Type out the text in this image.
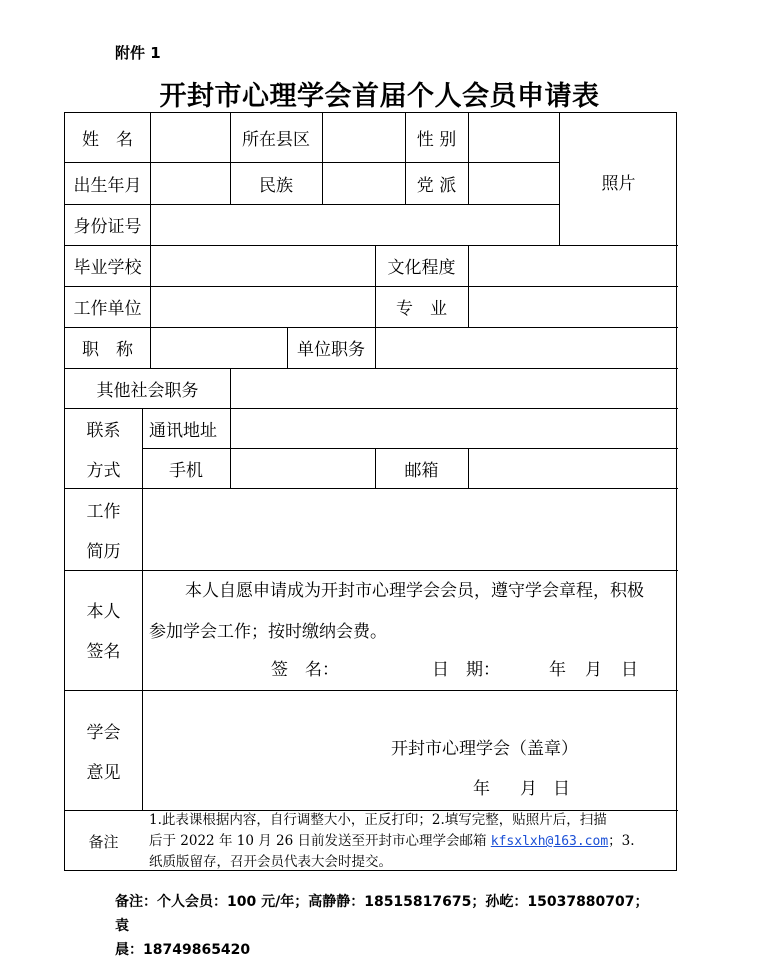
附件 1
开封市心理学会首届个人会员申请表
姓　名	所在县区	性 别
照片
出生年月	民族	党 派
身份证号
毕业学校	文化程度
工作单位	专　业
职　称	单位职务
其他社会职务
联系
方式
通讯地址
手机	邮箱
工作
简历
本人
签名
本人自愿申请成为开封市心理学会会员，遵守学会章程，积极
参加学会工作；按时缴纳会费。
签　名：	日　期：	年 月 日
学会
意见
开封市心理学会（盖章）
年 月 日
备注
1.此表课根据内容，自行调整大小，正反打印；2.填写完整，贴照片后，扫描
后于 2022 年 10 月 26 日前发送至开封市心理学会邮箱 kfsxlxh@163.com；3.
纸质版留存，召开会员代表大会时提交。
备注：个人会员：100 元/年；高静静：18515817675；孙屹：15037880707；袁
晨：18749865420
